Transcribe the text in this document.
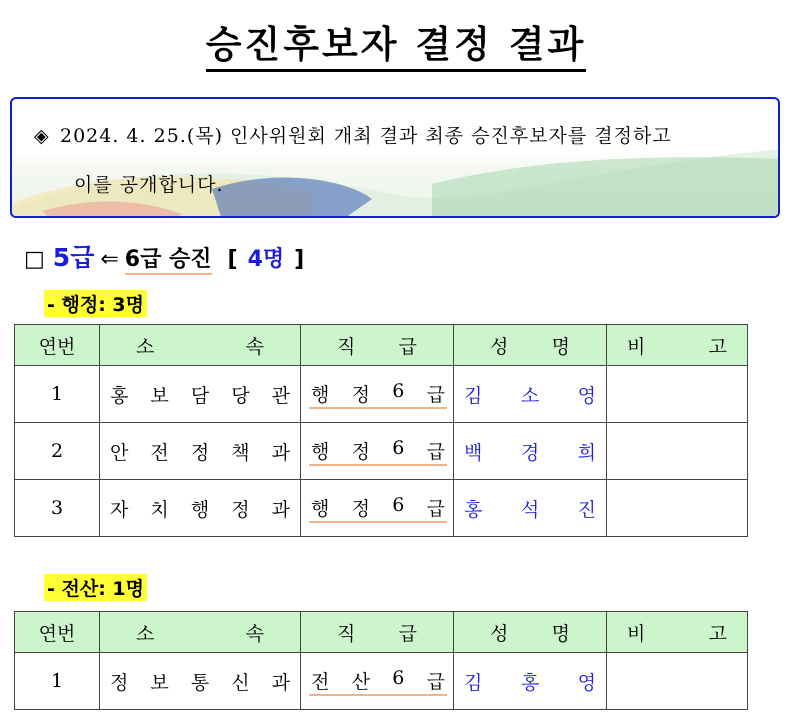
승진후보자 결정 결과
◈ 2024. 4. 25.(목) 인사위원회 개최 결과 최종 승진후보자를 결정하고
이를 공개합니다.
□ 5급 ⇐ 6급 승진 [ 4명 ]
- 행정: 3명
연번	소 속	직 급	성 명	비 고

1	홍 보 담 당 관	행 정 6 급	김 소 영	

2	안 전 정 책 과	행 정 6 급	백 경 희	

3	자 치 행 정 과	행 정 6 급	홍 석 진	

- 전산: 1명
연번	소 속	직 급	성 명	비 고

1	정 보 통 신 과	전 산 6 급	김 홍 영	
